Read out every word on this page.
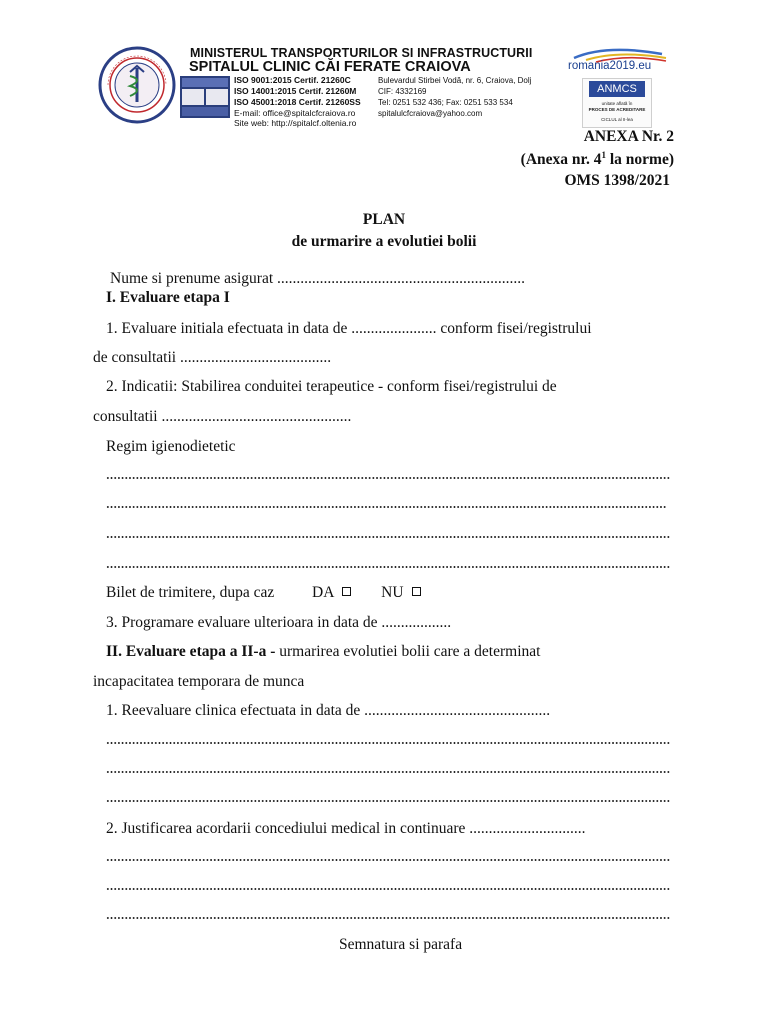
MINISTERUL TRANSPORTURILOR SI INFRASTRUCTURII
SPITALUL CLINIC CĂI FERATE CRAIOVA
ISO 9001:2015 Certif. 21260C
ISO 14001:2015 Certif. 21260M
ISO 45001:2018 Certif. 21260SS
E-mail: office@spitalcfcraiova.ro
Site web: http://spitalcf.oltenia.ro
Bulevardul Stirbei Vodă, nr. 6, Craiova, Dolj
CIF: 4332169
Tel: 0251 532 436; Fax: 0251 533 534
spitalulcfcraiova@yahoo.com
romania2019.eu
ANMCS
unitate aflată în
PROCES DE ACREDITARE
CICLUL al II-lea
ANEXA Nr. 2
(Anexa nr. $4^1$ la norme)
OMS 1398/2021
PLAN
de urmarire a evolutiei bolii
Nume si prenume asigurat ................................................................
I. Evaluare etapa I
1. Evaluare initiala efectuata in data de ...................... conform fisei/registrului
de consultatii .......................................
2. Indicatii: Stabilirea conduitei terapeutice - conform fisei/registrului de
consultatii .................................................
Regim igienodietetic
Bilet de trimitere, dupa caz DA	NU
3. Programare evaluare ulterioara in data de ..................
II. Evaluare etapa a II-a - urmarirea evolutiei bolii care a determinat
incapacitatea temporara de munca
1. Reevaluare clinica efectuata in data de ................................................
2. Justificarea acordarii concediului medical in continuare ..............................
Semnatura si parafa
